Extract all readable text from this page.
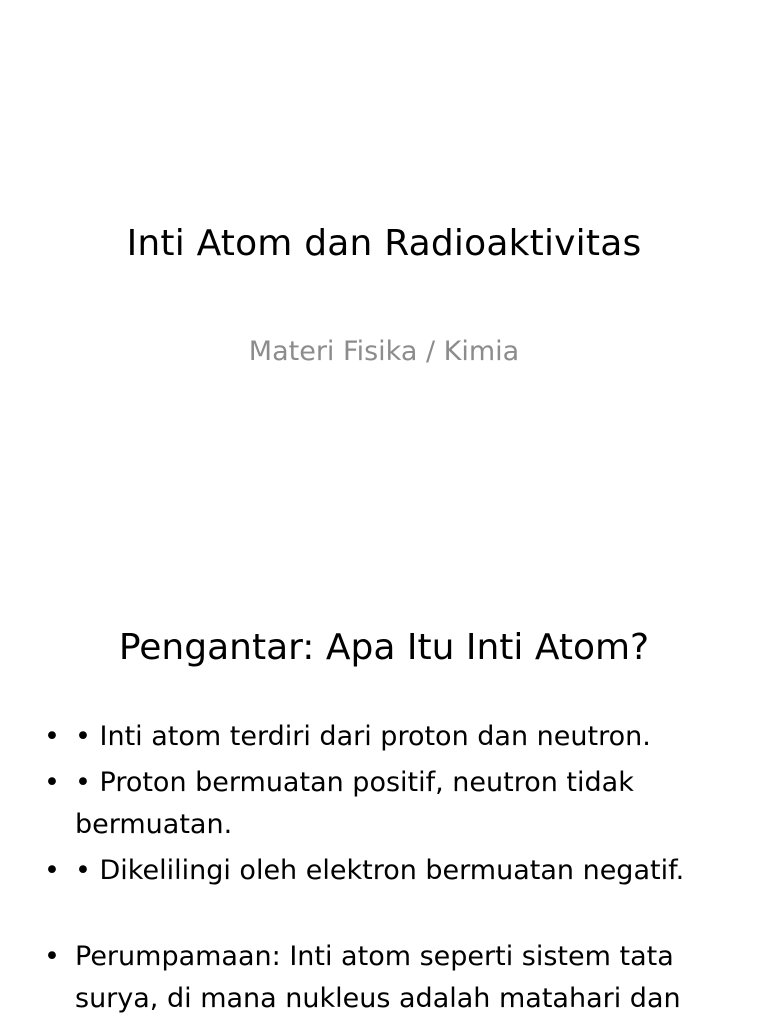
Inti Atom dan Radioaktivitas
Materi Fisika / Kimia
Pengantar: Apa Itu Inti Atom?
• • Inti atom terdiri dari proton dan neutron.
• • Proton bermuatan positif, neutron tidak bermuatan.
• • Dikelilingi oleh elektron bermuatan negatif.
• Perumpamaan: Inti atom seperti sistem tata surya, di mana nukleus adalah matahari dan
